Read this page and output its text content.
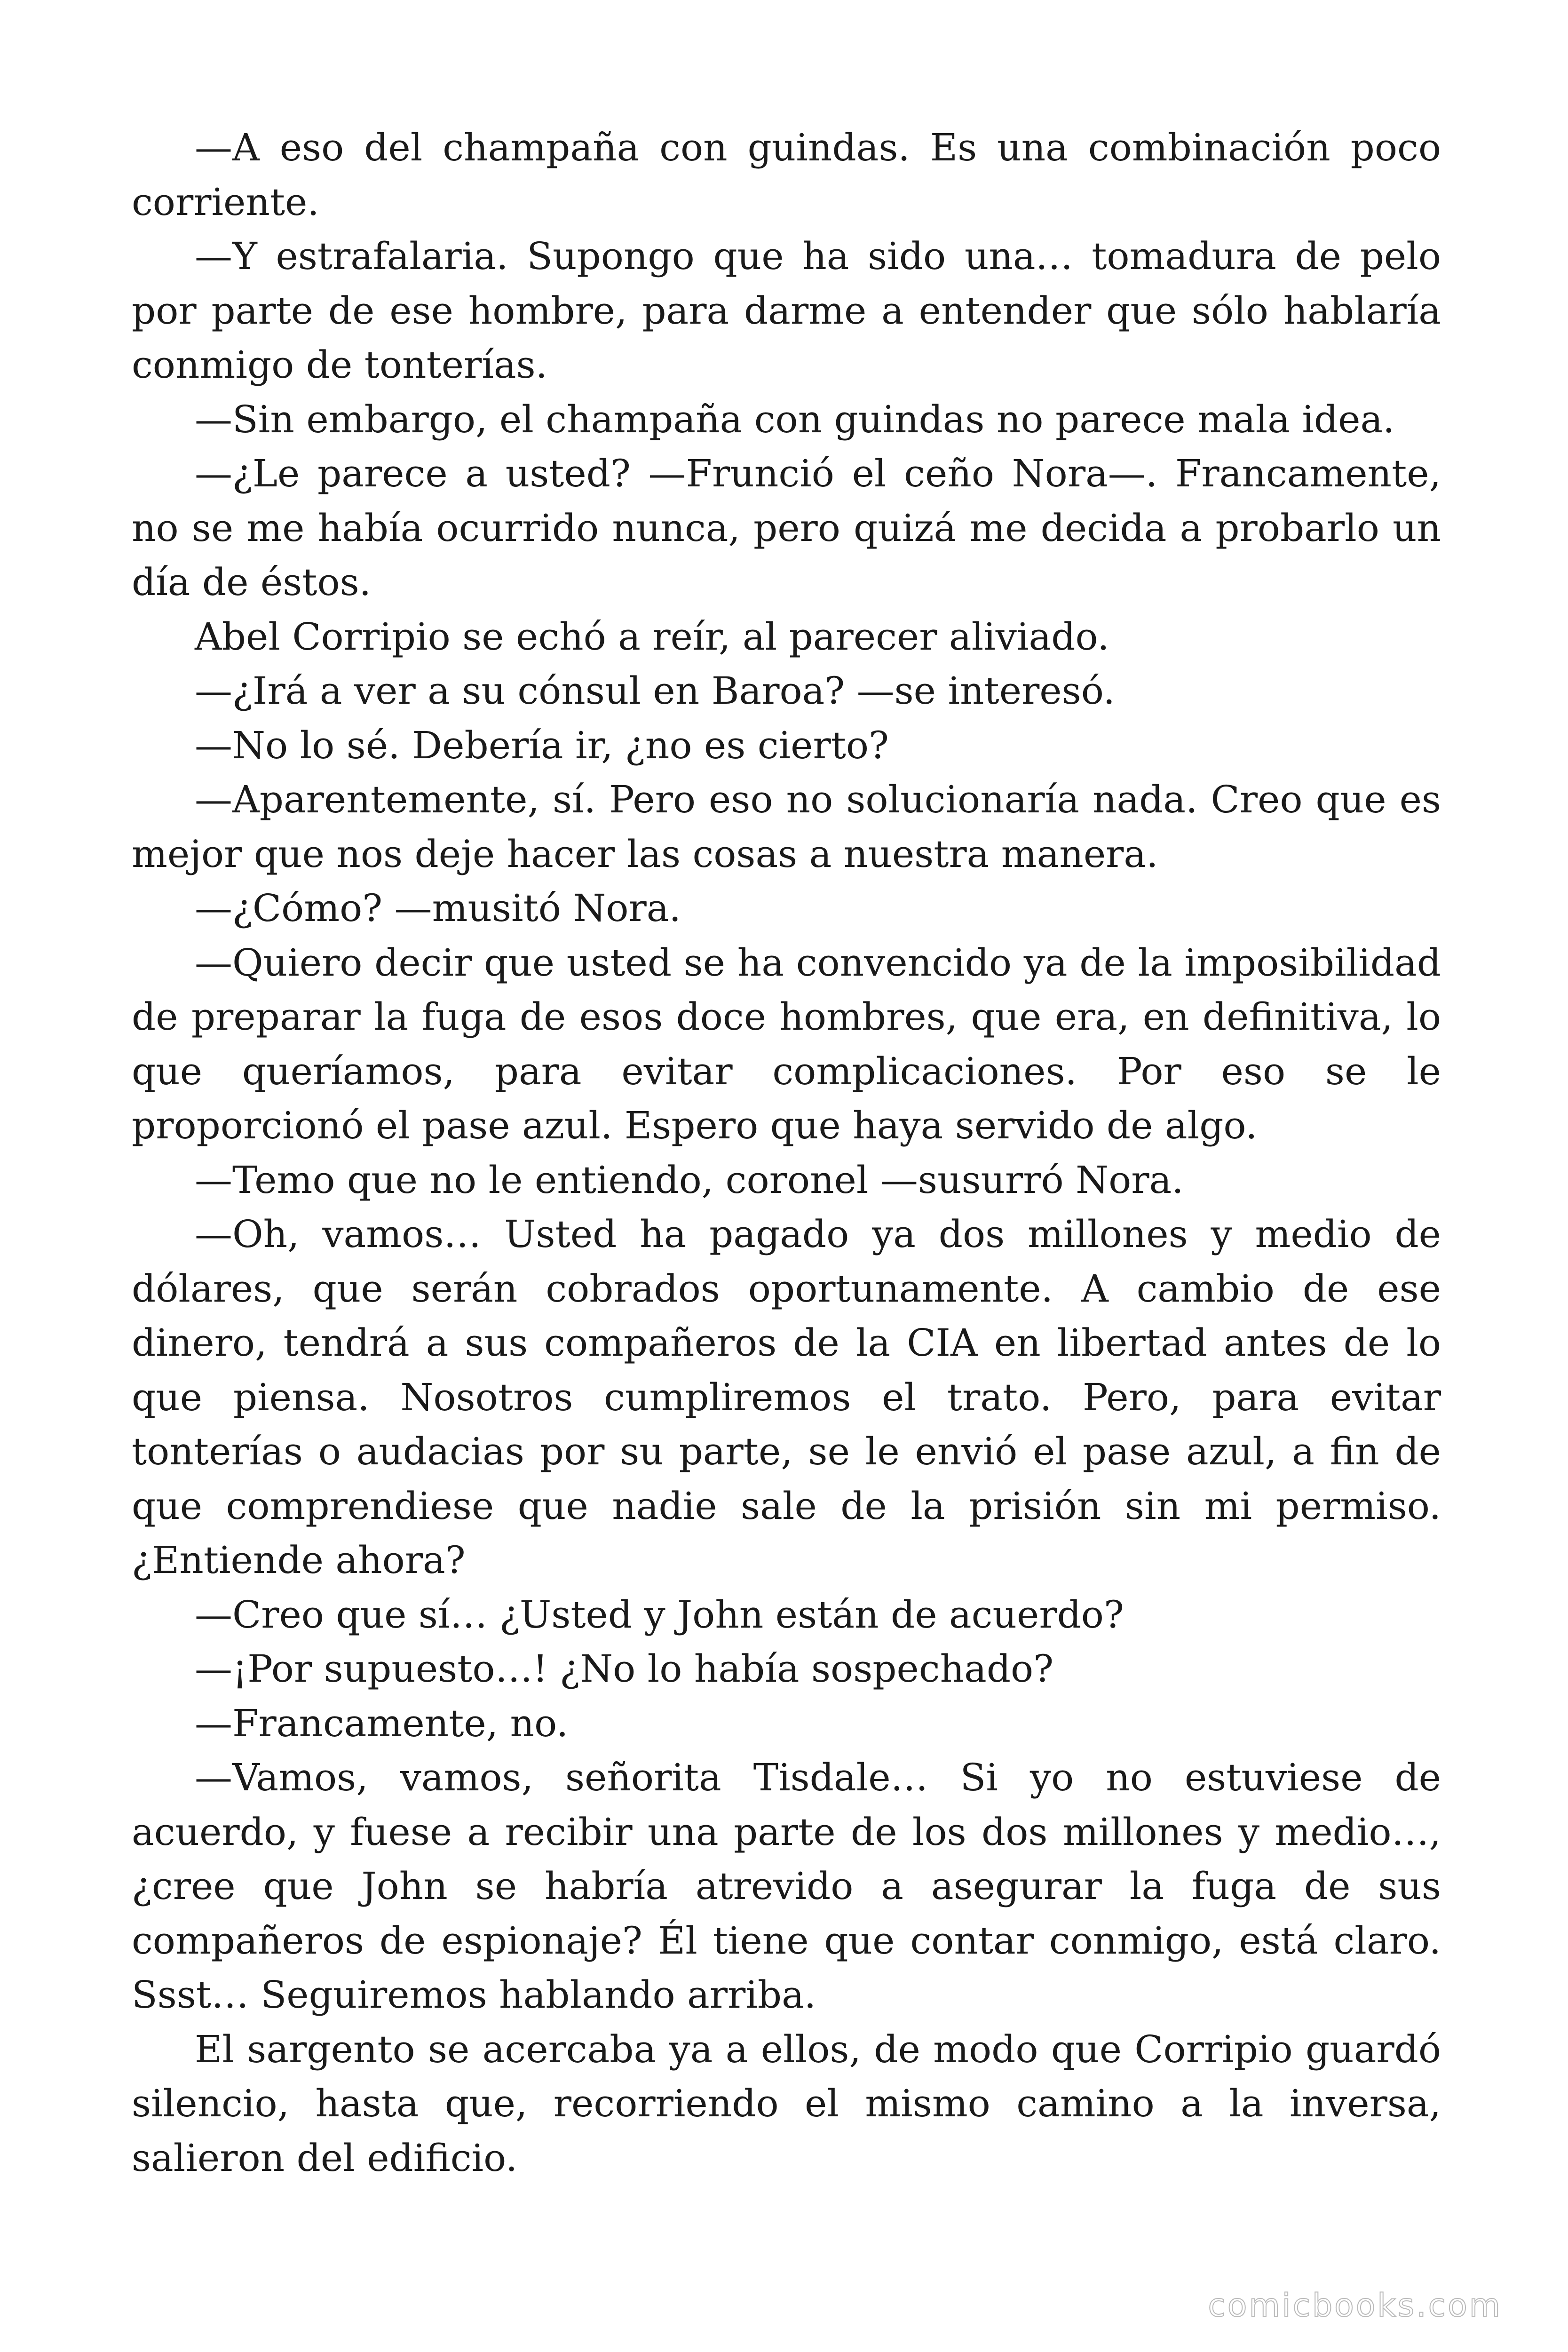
—A eso del champaña con guindas. Es una combinación poco corriente.

—Y estrafalaria. Supongo que ha sido una… tomadura de pelo por parte de ese hombre, para darme a entender que sólo hablaría conmigo de tonterías.

—Sin embargo, el champaña con guindas no parece mala idea.

—¿Le parece a usted? —Frunció el ceño Nora—. Francamente, no se me había ocurrido nunca, pero quizá me decida a probarlo un día de éstos.

Abel Corripio se echó a reír, al parecer aliviado.

—¿Irá a ver a su cónsul en Baroa? —se interesó.

—No lo sé. Debería ir, ¿no es cierto?

—Aparentemente, sí. Pero eso no solucionaría nada. Creo que es mejor que nos deje hacer las cosas a nuestra manera.

—¿Cómo? —musitó Nora.

—Quiero decir que usted se ha convencido ya de la imposibilidad de preparar la fuga de esos doce hombres, que era, en definitiva, lo que queríamos, para evitar complicaciones. Por eso se le proporcionó el pase azul. Espero que haya servido de algo.

—Temo que no le entiendo, coronel —susurró Nora.

—Oh, vamos… Usted ha pagado ya dos millones y medio de dólares, que serán cobrados oportunamente. A cambio de ese dinero, tendrá a sus compañeros de la CIA en libertad antes de lo que piensa. Nosotros cumpliremos el trato. Pero, para evitar tonterías o audacias por su parte, se le envió el pase azul, a fin de que comprendiese que nadie sale de la prisión sin mi permiso. ¿Entiende ahora?

—Creo que sí… ¿Usted y John están de acuerdo?

—¡Por supuesto…! ¿No lo había sospechado?

—Francamente, no.

—Vamos, vamos, señorita Tisdale… Si yo no estuviese de acuerdo, y fuese a recibir una parte de los dos millones y medio…, ¿cree que John se habría atrevido a asegurar la fuga de sus compañeros de espionaje? Él tiene que contar conmigo, está claro. Ssst… Seguiremos hablando arriba.

El sargento se acercaba ya a ellos, de modo que Corripio guardó silencio, hasta que, recorriendo el mismo camino a la inversa, salieron del edificio.

comicbooks.com
